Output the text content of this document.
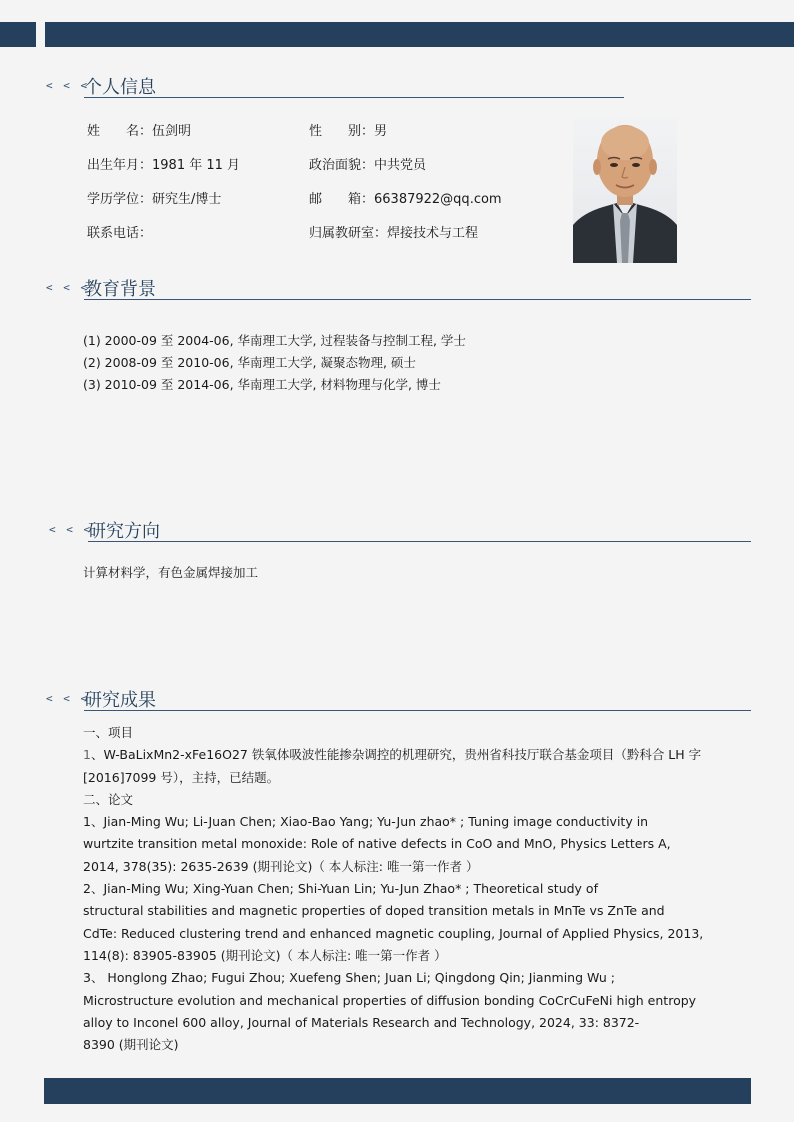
< < <
个人信息
姓　　名：伍剑明	性　　别：男
出生年月：1981 年 11 月	政治面貌：中共党员
学历学位：研究生/博士	邮　　箱：66387922@qq.com
联系电话：	归属教研室：焊接技术与工程
< < <
教育背景
(1) 2000-09 至 2004-06, 华南理工大学, 过程装备与控制工程, 学士
(2) 2008-09 至 2010-06, 华南理工大学, 凝聚态物理, 硕士
(3) 2010-09 至 2014-06, 华南理工大学, 材料物理与化学, 博士
< < <
研究方向
计算材料学，有色金属焊接加工
< < <
研究成果

一、项目

1、W-BaLixMn2-xFe16O27 铁氧体吸波性能掺杂调控的机理研究，贵州省科技厅联合基金项目（黔科合 LH 字

[2016]7099 号），主持，已结题。

二、论文

1、Jian-Ming Wu; Li-Juan Chen; Xiao-Bao Yang; Yu-Jun zhao* ; Tuning image conductivity in

wurtzite transition metal monoxide: Role of native defects in CoO and MnO, Physics Letters A,

2014, 378(35): 2635-2639 (期刊论文)（ 本人标注: 唯一第一作者 ）

2、Jian-Ming Wu; Xing-Yuan Chen; Shi-Yuan Lin; Yu-Jun Zhao* ; Theoretical study of

structural stabilities and magnetic properties of doped transition metals in MnTe vs ZnTe and

CdTe: Reduced clustering trend and enhanced magnetic coupling, Journal of Applied Physics, 2013,

114(8): 83905-83905 (期刊论文)（ 本人标注: 唯一第一作者 ）

3、 Honglong Zhao; Fugui Zhou; Xuefeng Shen; Juan Li; Qingdong Qin; Jianming Wu ;

Microstructure evolution and mechanical properties of diffusion bonding CoCrCuFeNi high entropy

alloy to Inconel 600 alloy, Journal of Materials Research and Technology, 2024, 33: 8372-

8390 (期刊论文)
